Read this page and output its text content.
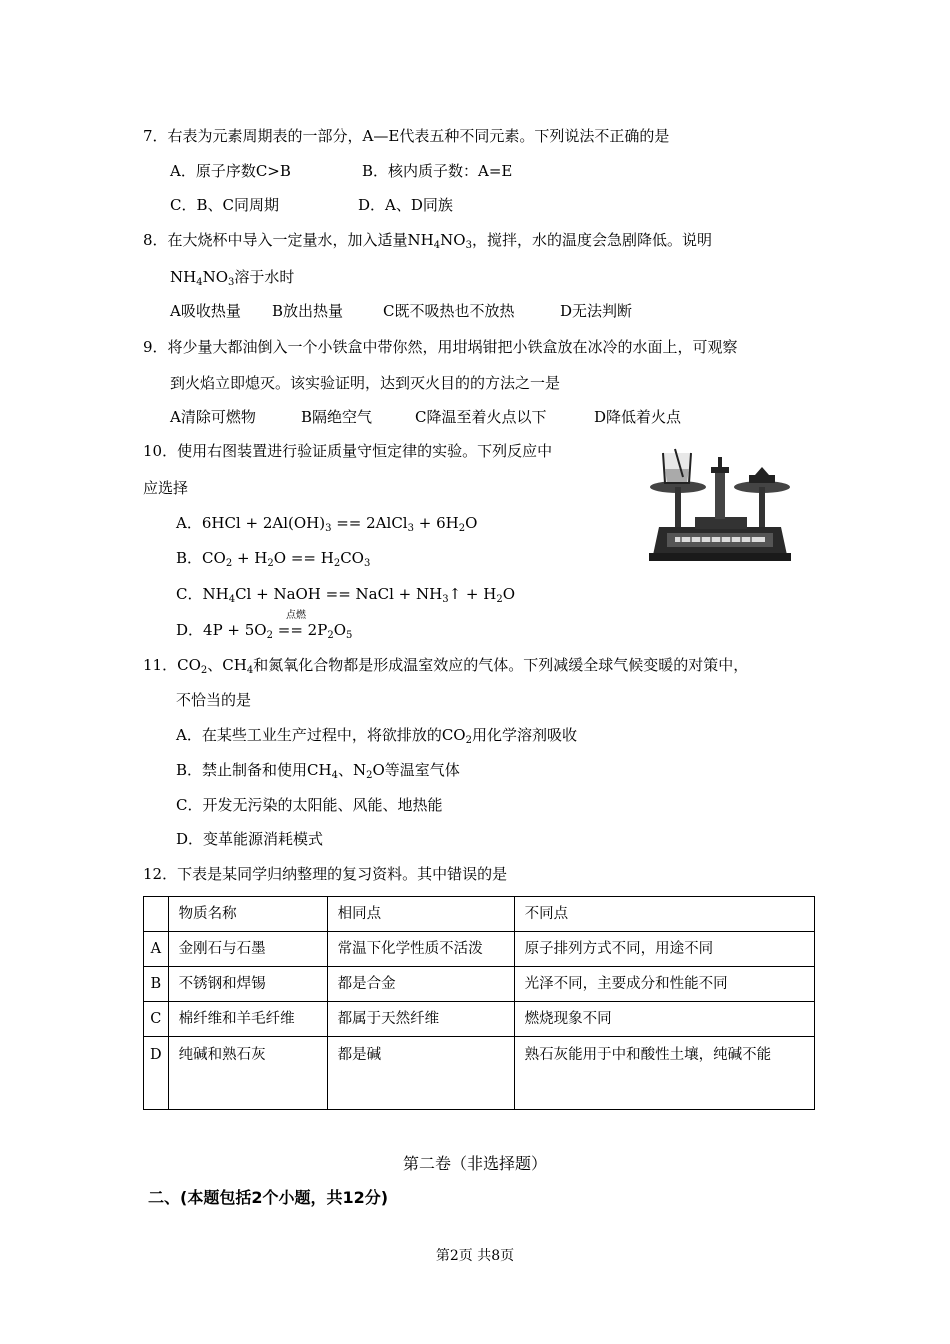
7．右表为元素周期表的一部分，A—E代表五种不同元素。下列说法不正确的是
A．原子序数C>B	B．核内质子数：A=E
C．B、C同周期	D．A、D同族
8．在大烧杯中导入一定量水，加入适量$NH_4NO_3$，搅拌，水的温度会急剧降低。说明
$NH_4NO_3$溶于水时
A吸收热量 B放出热量	C既不吸热也不放热	D无法判断
9．将少量大都油倒入一个小铁盒中带你然，用坩埚钳把小铁盒放在冰冷的水面上，可观察
到火焰立即熄灭。该实验证明，达到灭火目的的方法之一是
A清除可燃物	B隔绝空气	C降温至着火点以下	D降低着火点
10．使用右图装置进行验证质量守恒定律的实验。下列反应中
应选择
A．$6HCl + 2Al(OH)_3$ == 2AlCl$_3$ + $6H_2O$
B．$CO_2 + H_2O == H_2CO_3$
C．$NH_4Cl$ + NaOH == NaCl + $NH_3↑ + H_2O$
点燃
D．$4P + 5O_2 == 2P_2O_5$
11．$CO_2$、$CH_4$和氮氧化合物都是形成温室效应的气体。下列减缓全球气候变暖的对策中，
不恰当的是
A．在某些工业生产过程中，将欲排放的$CO_2$用化学溶剂吸收
B．禁止制备和使用$CH_4$、$N_2O$等温室气体
C．开发无污染的太阳能、风能、地热能
D．变革能源消耗模式
12．下表是某同学归纳整理的复习资料。其中错误的是
	物质名称	相同点	不同点
A	金刚石与石墨	常温下化学性质不活泼	原子排列方式不同，用途不同
B	不锈钢和焊锡	都是合金	光泽不同，主要成分和性能不同
C	棉纤维和羊毛纤维	都属于天然纤维	燃烧现象不同
D	纯碱和熟石灰	都是碱	熟石灰能用于中和酸性土壤，纯碱不能
第二卷（非选择题）
二、(本题包括2个小题，共12分)
第2页 共8页
